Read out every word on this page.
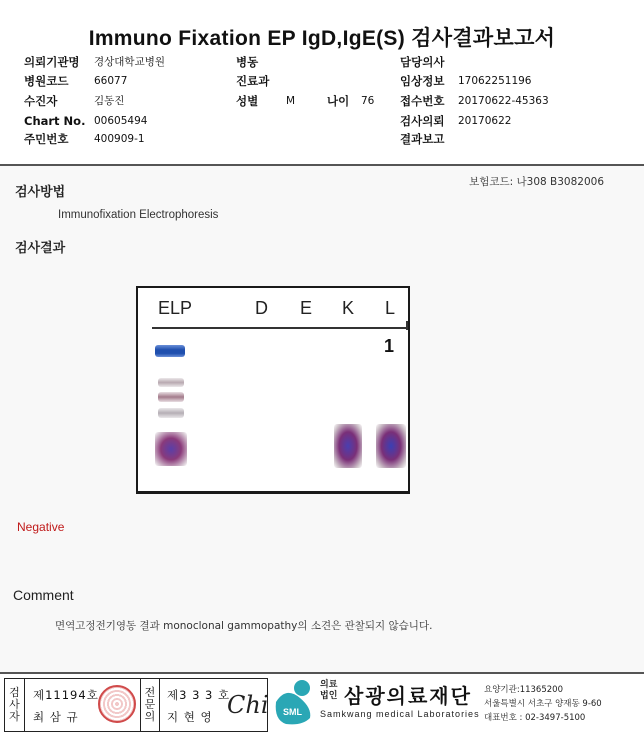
Immuno Fixation EP IgD,IgE(S) 검사결과보고서
의뢰기관명 경상대학교병원
병원코드 66077
수진자	김동진
Chart No. 00605494
주민번호 400909-1
병동
진료과
성별	M	나이 76
담당의사
임상정보 17062251196
접수번호 20170622-45363
검사의뢰 20170622
결과보고
보험코드: 나308 B3082006
검사방법
Immunofixation Electrophoresis
검사결과
ELP	D E K L
1
Negative
Comment
면역고정전기영동 결과 monoclonal gammopathy의 소견은 관찰되지 않습니다.
검
사
자
제11194호
최 삼 규
전
문
의
제3 3 3 호
지 현 영 Chi SML
의료
법인 삼광의료재단
Samkwang medical Laboratories
요양기관:11365200
서울특별시 서초구 양재동 9-60
대표번호 : 02-3497-5100
